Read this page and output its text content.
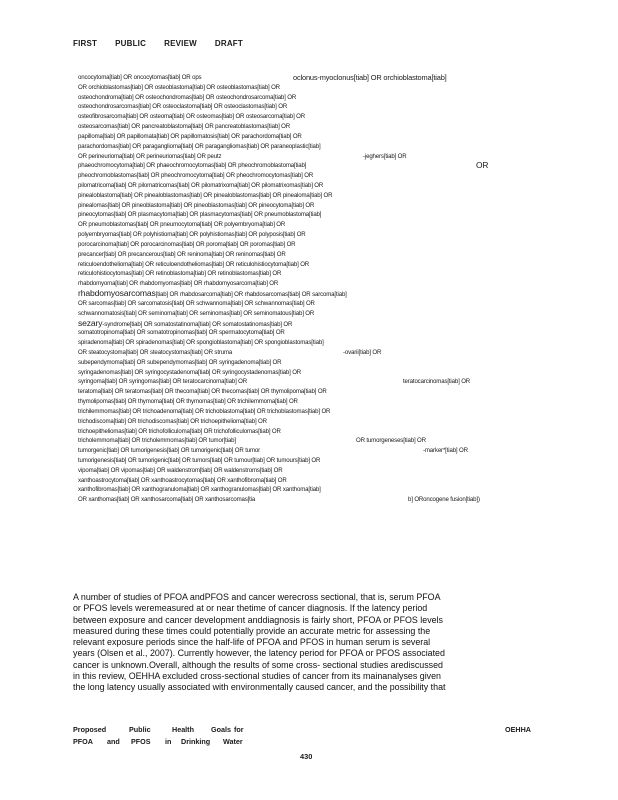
FIRST PUBLIC REVIEW DRAFT
oncocytoma[tiab] OR oncocytomas[tiab] OR ops	oclonus-myoclonus[tiab] OR orchioblastoma[tiab]
OR orchioblastomas[tiab] OR osteoblastoma[tiab] OR osteoblastomas[tiab] OR
osteochondroma[tiab] OR osteochondromas[tiab] OR osteochondrosarcoma[tiab] OR
osteochondrosarcomas[tiab] OR osteoclastoma[tiab] OR osteoclastomas[tiab] OR
osteofibrosarcoma[tiab] OR osteoma[tiab] OR osteomas[tiab] OR osteosarcoma[tiab] OR
osteosarcomas[tiab] OR pancreatoblastoma[tiab] OR pancreatoblastomas[tiab] OR
papilloma[tiab] OR papillomata[tiab] OR papillomatosis[tiab] OR parachordoma[tiab] OR
parachordomas[tiab] OR paraganglioma[tiab] OR paragangliomas[tiab] OR paraneoplastic[tiab]
OR perineurioma[tiab] OR perineuriomas[tiab] OR peutz	-jeghers[tiab] OR
phaeochromocytoma[tiab] OR phaeochromocytomas[tiab] OR pheochromoblastoma[tiab]	OR
pheochromoblastomas[tiab] OR pheochromocytoma[tiab] OR pheochromocytomas[tiab] OR
pilomatricoma[tiab] OR pilomatricomas[tiab] OR pilomatrixoma[tiab] OR pilomatrixomas[tiab] OR
pinealoblastoma[tiab] OR pinealoblastomas[tiab] OR pinealoblastomas[tiab] OR pinealoma[tiab] OR
pinealomas[tiab] OR pineoblastoma[tiab] OR pineoblastomas[tiab] OR pineocytoma[tiab] OR
pineocytomas[tiab] OR plasmacytoma[tiab] OR plasmacytomas[tiab] OR pneumoblastoma[tiab]
OR pneumoblastomas[tiab] OR pneumocytoma[tiab] OR polyembryoma[tiab] OR
polyembryomas[tiab] OR polyhistioma[tiab] OR polyhistiomas[tiab] OR polyposis[tiab] OR
porocarcinoma[tiab] OR porocarcinomas[tiab] OR poroma[tiab] OR poromas[tiab] OR
precancer[tiab] OR precancerous[tiab] OR reninoma[tiab] OR reninomas[tiab] OR
reticuloendothelioma[tiab] OR reticuloendotheliomas[tiab] OR reticulohistiocytoma[tiab] OR
reticulohistiocytomas[tiab] OR retinoblastoma[tiab] OR retinoblastomas[tiab] OR
rhabdomyoma[tiab] OR rhabdomyomas[tiab] OR rhabdomyosarcoma[tiab] OR
rhabdomyosarcomas[tiab] OR rhabdosarcoma[tiab] OR rhabdosarcomas[tiab] OR sarcoma[tiab]
OR sarcomas[tiab] OR sarcomatosis[tiab] OR schwannoma[tiab] OR schwannomas[tiab] OR
schwannomatosis[tiab] OR seminoma[tiab] OR seminomas[tiab] OR seminomatous[tiab] OR
sezary-syndrome[tiab] OR somatostatinoma[tiab] OR somatostatinomas[tiab] OR
somatotropinoma[tiab] OR somatotropinomas[tiab] OR spermatocytoma[tiab] OR
spiradenoma[tiab] OR spiradenomas[tiab] OR spongioblastoma[tiab] OR spongioblastomas[tiab]
OR steatocystoma[tiab] OR steatocystomas[tiab] OR struma	-ovarii[tiab] OR
subependymoma[tiab] OR subependymomas[tiab] OR syringadenoma[tiab] OR
syringadenomas[tiab] OR syringocystadenoma[tiab] OR syringocystadenomas[tiab] OR
syringoma[tiab] OR syringomas[tiab] OR teratocarcinoma[tiab] OR	teratocarcinomas[tiab] OR
teratoma[tiab] OR teratomas[tiab] OR thecoma[tiab] OR thecomas[tiab] OR thymolipoma[tiab] OR
thymolipomas[tiab] OR thymoma[tiab] OR thymomas[tiab] OR trichilemmoma[tiab] OR
trichilemmomas[tiab] OR trichoadenoma[tiab] OR trichoblastoma[tiab] OR trichoblastomas[tiab] OR
trichodiscoma[tiab] OR trichodiscomas[tiab] OR trichoepithelioma[tiab] OR
trichoepitheliomas[tiab] OR trichofolliculoma[tiab] OR trichofolliculomas[tiab] OR
tricholemmoma[tiab] OR tricholemmomas[tiab] OR tumor[tiab]	OR tumorgeneses[tiab] OR
tumorgenic[tiab] OR tumorigenesis[tiab] OR tumorigenic[tiab] OR tumor	-marker*[tiab] OR
tumorigenesis[tiab] OR tumorigenic[tiab] OR tumors[tiab] OR tumour[tiab] OR tumours[tiab] OR
vipoma[tiab] OR vipomas[tiab] OR waldenstrom[tiab] OR waldenstroms[tiab] OR
xanthoastrocytoma[tiab] OR xanthoastrocytomas[tiab] OR xanthofibroma[tiab] OR
xanthofibromas[tiab] OR xanthogranuloma[tiab] OR xanthogranulomas[tiab] OR xanthoma[tiab]
OR xanthomas[tiab] OR xanthosarcoma[tiab] OR xanthosarcomas[tia	b] ORoncogene fusion[tiab])
A number of studies of PFOA andPFOS and cancer werecross sectional, that is, serum PFOA
or PFOS levels weremeasured at or near thetime of cancer diagnosis. If the latency period
between exposure and cancer development anddiagnosis is fairly short, PFOA or PFOS levels
measured during these times could potentially provide an accurate metric for assessing the
relevant exposure periods since the half-life of PFOA and PFOS in human serum is several
years (Olsen et al., 2007). Currently however, the latency period for PFOA or PFOS associated
cancer is unknown.Overall, although the results of some cross- sectional studies arediscussed
in this review, OEHHA excluded cross-sectional studies of cancer from its mainanalyses given
the long latency usually associated with environmentally caused cancer, and the possibility that
Proposed	Public	Health Goals for	OEHHA
PFOA and PFOS in Drinking Water
430
